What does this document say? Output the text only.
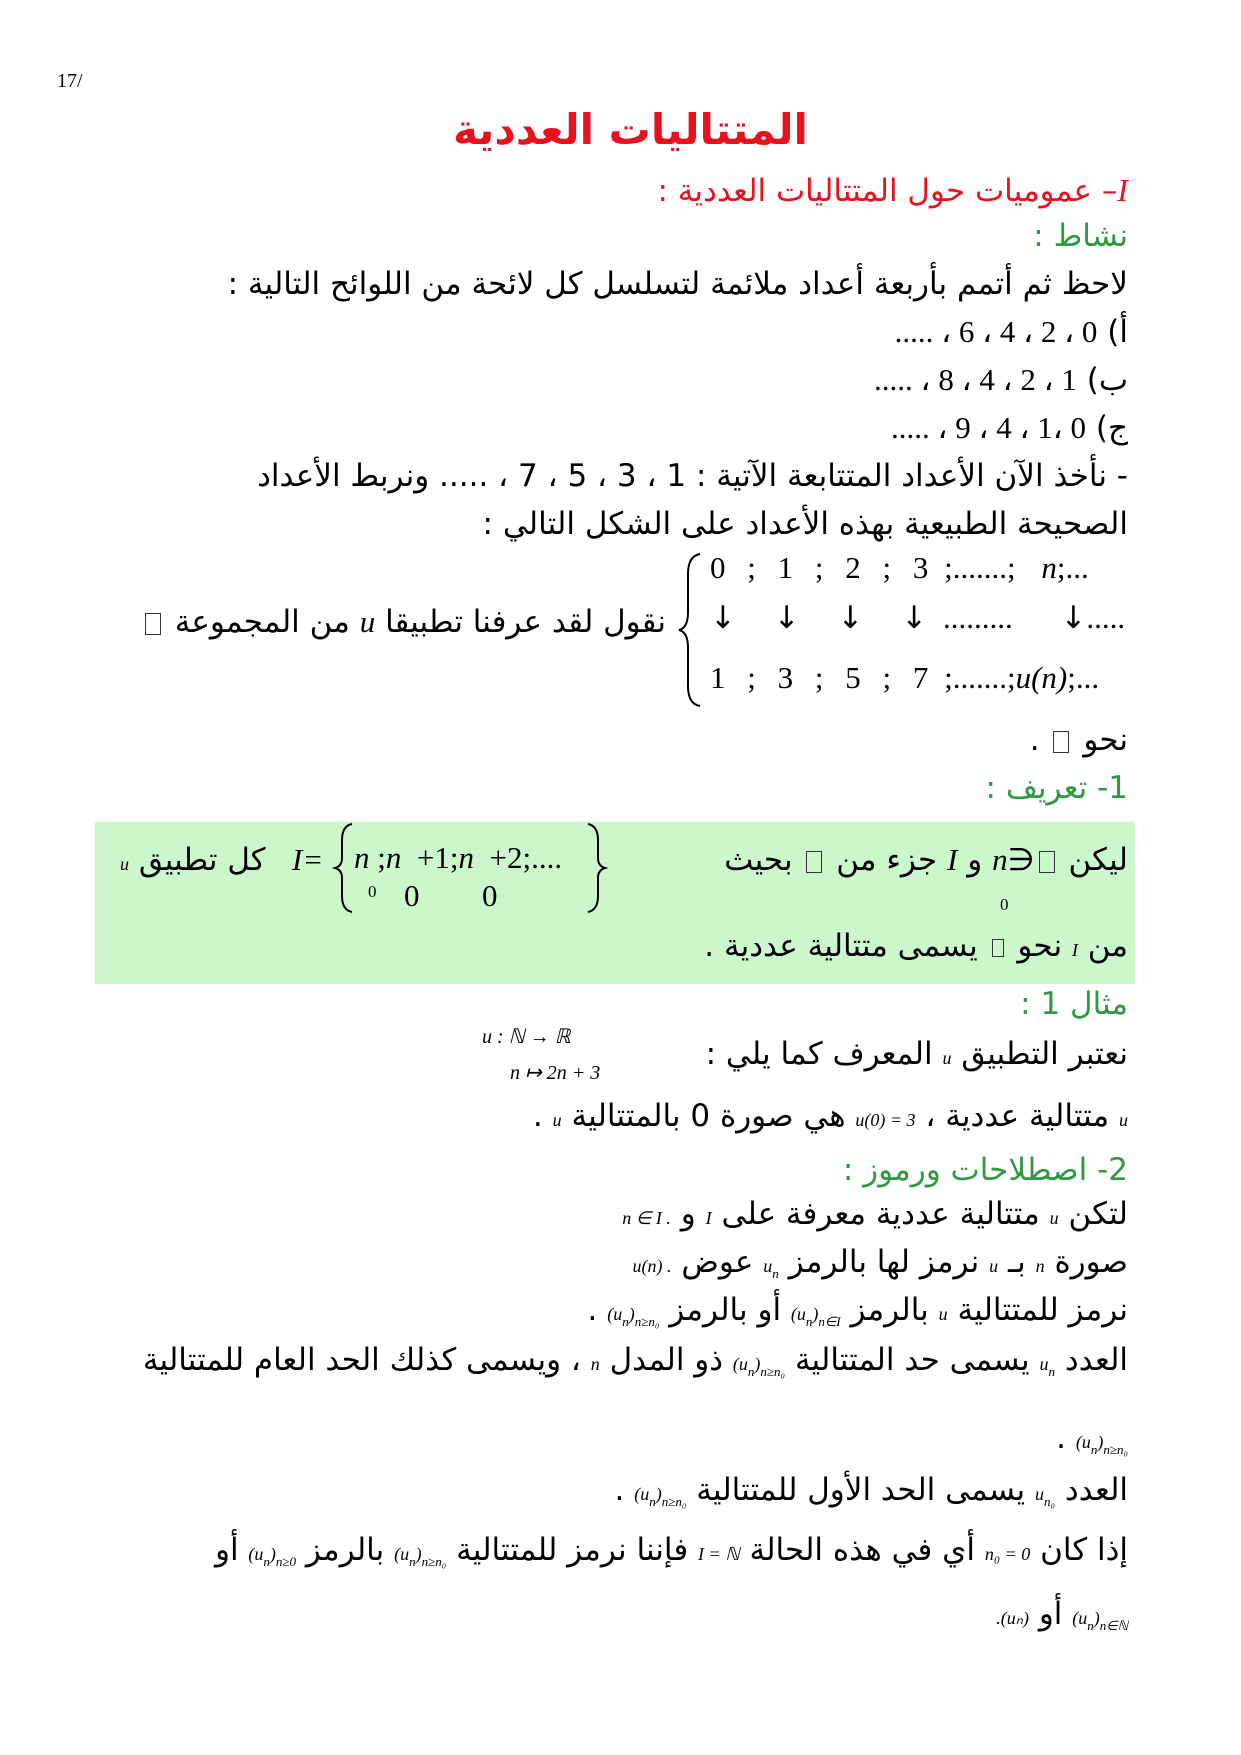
17/
المتتاليات العددية
I– عموميات حول المتتاليات العددية :
نشاط :
لاحظ ثم أتمم بأربعة أعداد ملائمة لتسلسل كل لائحة من اللوائح التالية :
أ) 0 ، 2 ، 4 ، 6 ، .....
ب) 1 ، 2 ، 4 ، 8 ، .....
ج) 0 ،1 ، 4 ، 9 ، .....
- نأخذ الآن الأعداد المتتابعة الآتية : 1 ، 3 ، 5 ، 7 ، ..... ونربط الأعداد
الصحيحة الطبيعية بهذه الأعداد على الشكل التالي :
0 ; 1 ; 2 ; 3 ;.......; n;...
↓ ↓ ↓ ↓ ......... ↓.....
1 ; 3 ; 5 ; 7 ;.......;u(n);...
نقول لقد عرفنا تطبيقا u من المجموعة
نحو  .
1- تعريف :
ليكن ∈n و I جزء من  بحيث
0
I= n ;n  +1;n  +2;....
0 0 0
كل تطبيق u
من I نحو  يسمى متتالية عددية .
مثال 1 :
نعتبر التطبيق u المعرف كما يلي :
u : ℕ → ℝ
n ↦ 2n + 3
u متتالية عددية ، u(0) = 3 هي صورة 0 بالمتتالية u .
2- اصطلاحات ورموز :
لتكن u متتالية عددية معرفة على I و n ∈ I .
صورة n بـ u نرمز لها بالرمز $u_n$ عوض u(n) .
نرمز للمتتالية u بالرمز $(u_n)_{n\in I}$ أو بالرمز $(u_n)_{n\ge n_0}$ .
العدد $u_n$ يسمى حد المتتالية $(u_n)_{n\ge n_0}$ ذو المدل n ، ويسمى كذلك الحد العام للمتتالية
$(u_n)_{n\ge n_0}$ .
العدد $u_{n_0}$ يسمى الحد الأول للمتتالية $(u_n)_{n\ge n_0}$ .
إذا كان n₀ = 0 أي في هذه الحالة I = ℕ فإننا نرمز للمتتالية $(u_n)_{n\ge n_0}$ بالرمز $(u_n)_{n\ge 0}$ أو
$(u_n)_{n\in ℕ}$ أو .(uₙ)
